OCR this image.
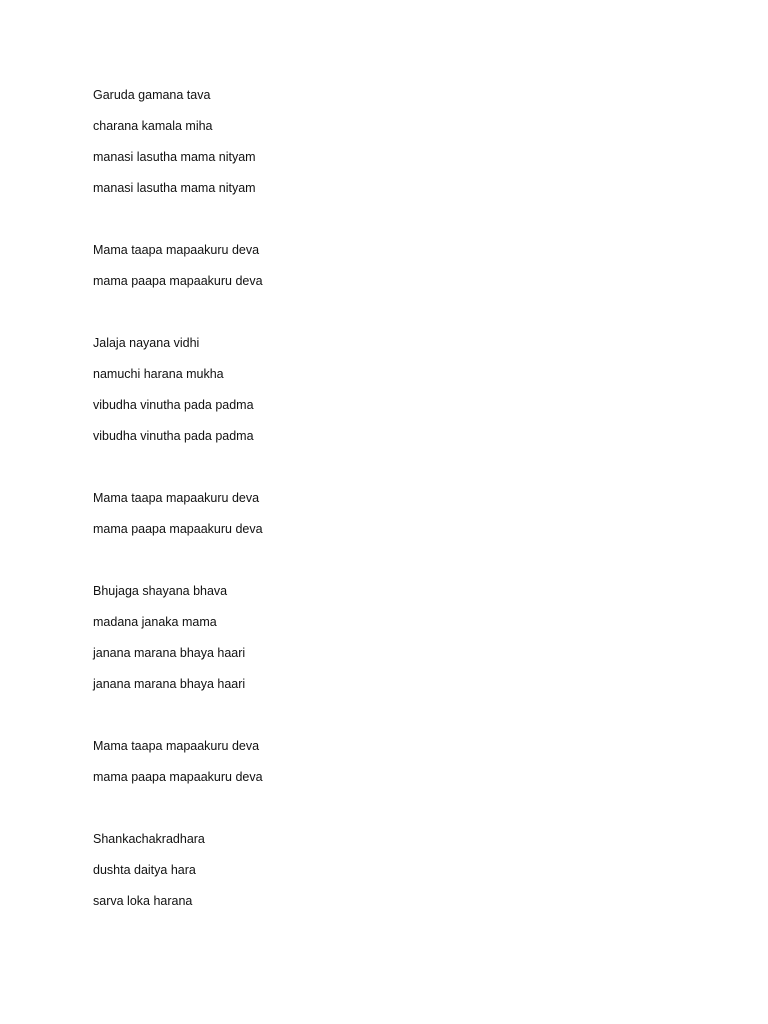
Garuda gamana tava
charana kamala miha
manasi lasutha mama nityam
manasi lasutha mama nityam
Mama taapa mapaakuru deva
mama paapa mapaakuru deva
Jalaja nayana vidhi
namuchi harana mukha
vibudha vinutha pada padma
vibudha vinutha pada padma
Mama taapa mapaakuru deva
mama paapa mapaakuru deva
Bhujaga shayana bhava
madana janaka mama
janana marana bhaya haari
janana marana bhaya haari
Mama taapa mapaakuru deva
mama paapa mapaakuru deva
Shankachakradhara
dushta daitya hara
sarva loka harana
